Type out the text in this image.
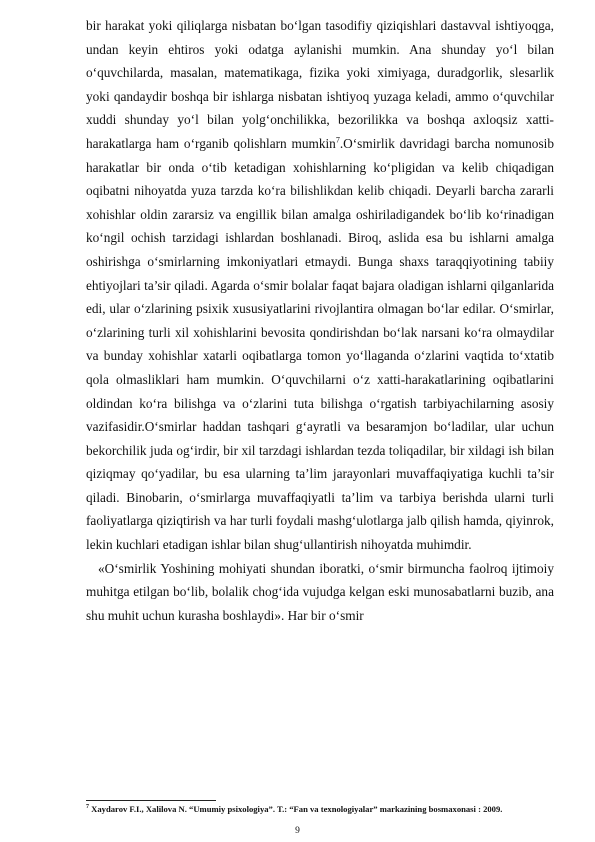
bir harakat yoki qiliqlarga nisbatan bo‘lgan tasodifiy qiziqishlari dastavval ishtiyoqga, undan keyin ehtiros yoki odatga aylanishi mumkin. Ana shunday yo‘l bilan o‘quvchilarda, masalan, matematikaga, fizika yoki ximiyaga, duradgorlik, slesarlik yoki qandaydir boshqa bir ishlarga nisbatan ishtiyoq yuzaga keladi, ammo o‘quvchilar xuddi shunday yo‘l bilan yolg‘onchilikka, bezorilikka va boshqa axloqsiz xatti-harakatlarga ham o‘rganib qolishlarn mumkin$^7$.O‘smirlik davridagi barcha nomunosib harakatlar bir onda o‘tib ketadigan xohishlarning ko‘pligidan va kelib chiqadigan oqibatni nihoyatda yuza tarzda ko‘ra bilishlikdan kelib chiqadi. Deyarli barcha zararli xohishlar oldin zararsiz va engillik bilan amalga oshiriladigandek bo‘lib ko‘rinadigan ko‘ngil ochish tarzidagi ishlardan boshlanadi. Biroq, aslida esa bu ishlarni amalga oshirishga o‘smirlarning imkoniyatlari etmaydi. Bunga shaxs taraqqiyotining tabiiy ehtiyojlari ta’sir qiladi. Agarda o‘smir bolalar faqat bajara oladigan ishlarni qilganlarida edi, ular o‘zlarining psixik xususiyatlarini rivojlantira olmagan bo‘lar edilar. O‘smirlar, o‘zlarining turli xil xohishlarini bevosita qondirishdan bo‘lak narsani ko‘ra olmaydilar va bunday xohishlar xatarli oqibatlarga tomon yo‘llaganda o‘zlarini vaqtida to‘xtatib qola olmasliklari ham mumkin. O‘quvchilarni o‘z xatti-harakatlarining oqibatlarini oldindan ko‘ra bilishga va o‘zlarini tuta bilishga o‘rgatish tarbiyachilarning asosiy vazifasidir.O‘smirlar haddan tashqari g‘ayratli va besaramjon bo‘ladilar, ular uchun bekorchilik juda og‘irdir, bir xil tarzdagi ishlardan tezda toliqadilar, bir xildagi ish bilan qiziqmay qo‘yadilar, bu esa ularning ta’lim jarayonlari muvaffaqiyatiga kuchli ta’sir qiladi. Binobarin, o‘smirlarga muvaffaqiyatli ta’lim va tarbiya berishda ularni turli faoliyatlarga qiziqtirish va har turli foydali mashg‘ulotlarga jalb qilish hamda, qiyinrok, lekin kuchlari etadigan ishlar bilan shug‘ullantirish nihoyatda muhimdir.

«O‘smirlik Yoshining mohiyati shundan iboratki, o‘smir birmuncha faolroq ijtimoiy muhitga etilgan bo‘lib, bolalik chog‘ida vujudga kelgan eski munosabatlarni buzib, ana shu muhit uchun kurasha boshlaydi». Har bir o‘smir

$^7$ Xaydarov F.I., Xalilova N. “Umumiy psixologiya”. T.: “Fan va texnologiyalar” markazining bosmaxonasi : 2009.
9
